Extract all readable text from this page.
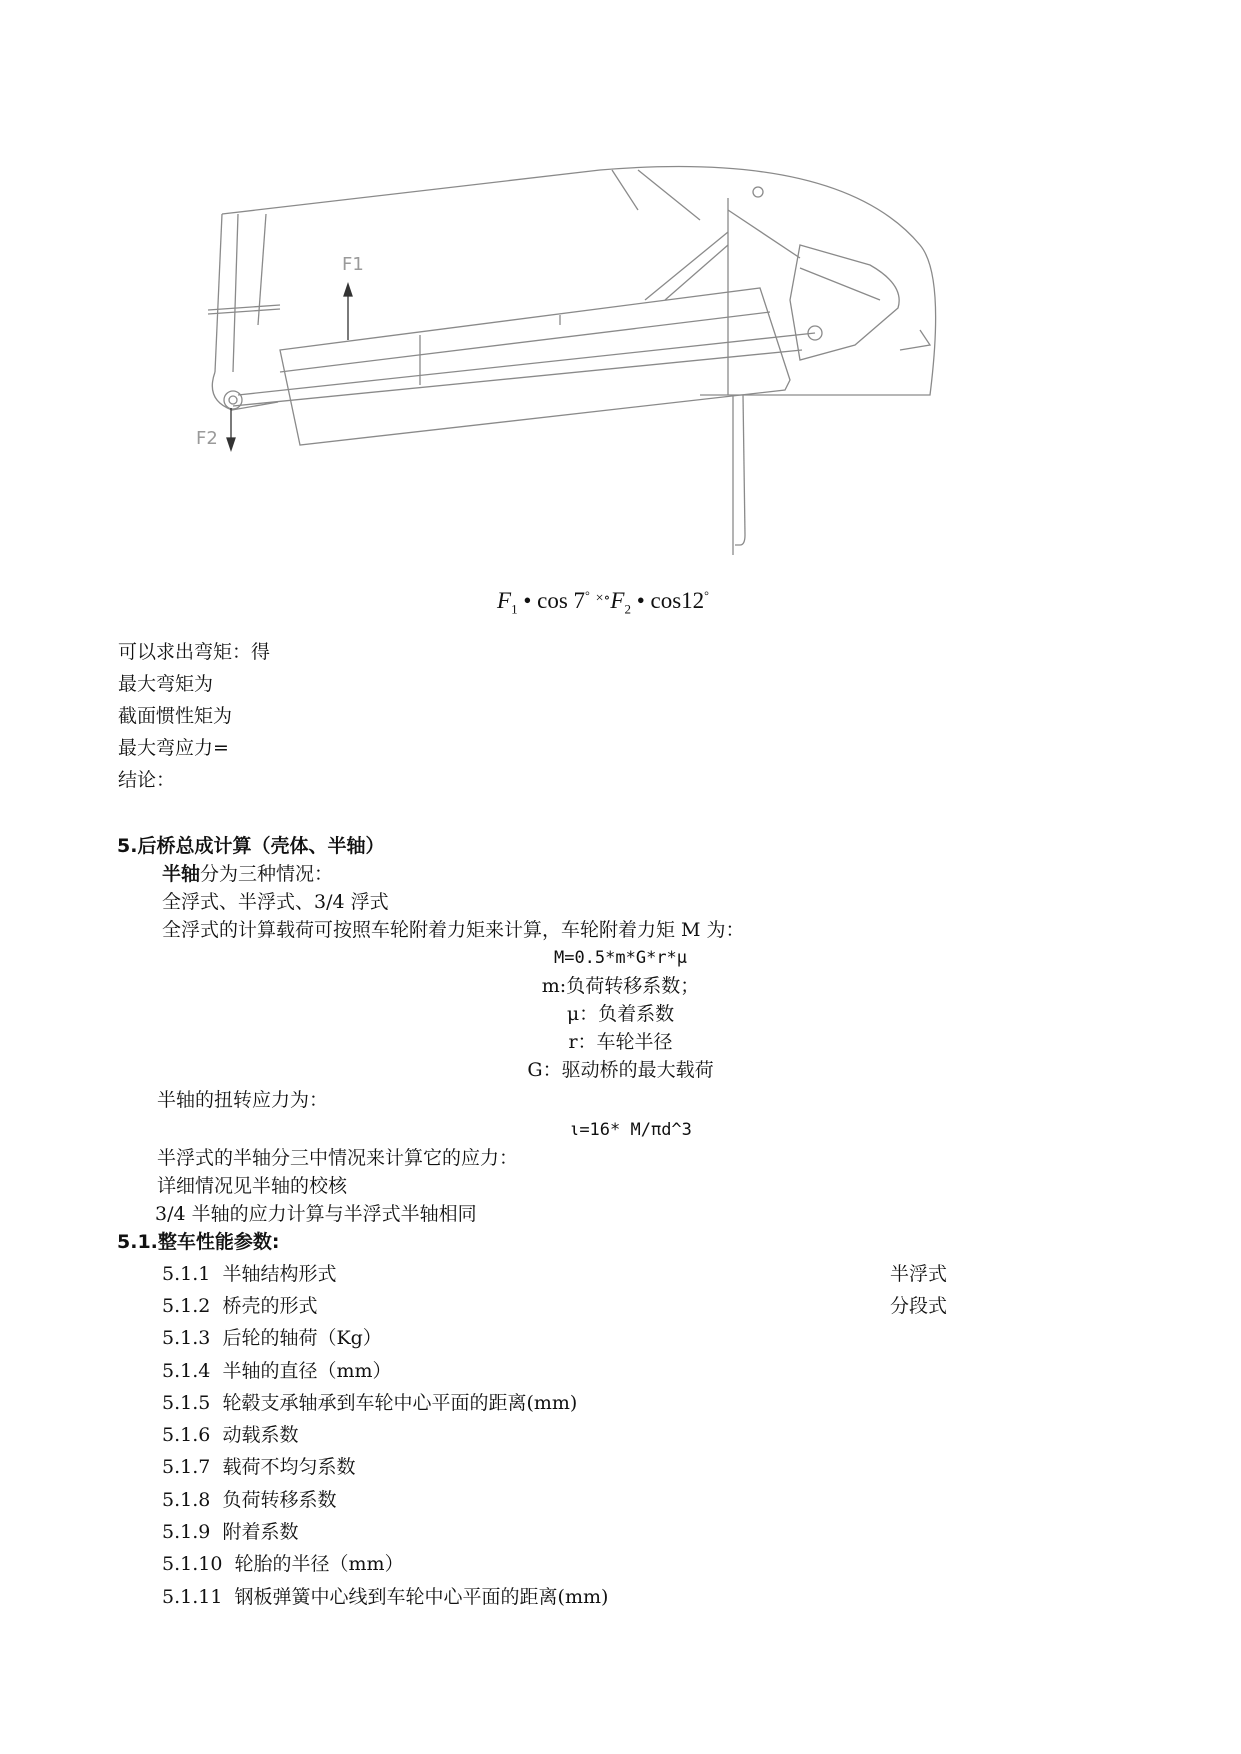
F1
F2
$F_1$ • cos 7° $^{\times\circ}F_2$ • cos12°
可以求出弯矩：得
最大弯矩为
截面惯性矩为
最大弯应力=
结论：
5.后桥总成计算（壳体、半轴）
半轴分为三种情况：
全浮式、半浮式、3/4 浮式
全浮式的计算载荷可按照车轮附着力矩来计算，车轮附着力矩 M 为：
M=0.5*m*G*r*μ
m:负荷转移系数；
μ：负着系数
r：车轮半径
G：驱动桥的最大载荷
半轴的扭转应力为：
ι=16* M/πd^3
半浮式的半轴分三中情况来计算它的应力：
详细情况见半轴的校核
3/4 半轴的应力计算与半浮式半轴相同
5.1.整车性能参数:
5.1.1 半轴结构形式	半浮式
5.1.2 桥壳的形式	分段式
5.1.3 后轮的轴荷（Kg）
5.1.4 半轴的直径（mm）
5.1.5 轮毂支承轴承到车轮中心平面的距离(mm)
5.1.6 动载系数
5.1.7 载荷不均匀系数
5.1.8 负荷转移系数
5.1.9 附着系数
5.1.10 轮胎的半径（mm）
5.1.11 钢板弹簧中心线到车轮中心平面的距离(mm)
